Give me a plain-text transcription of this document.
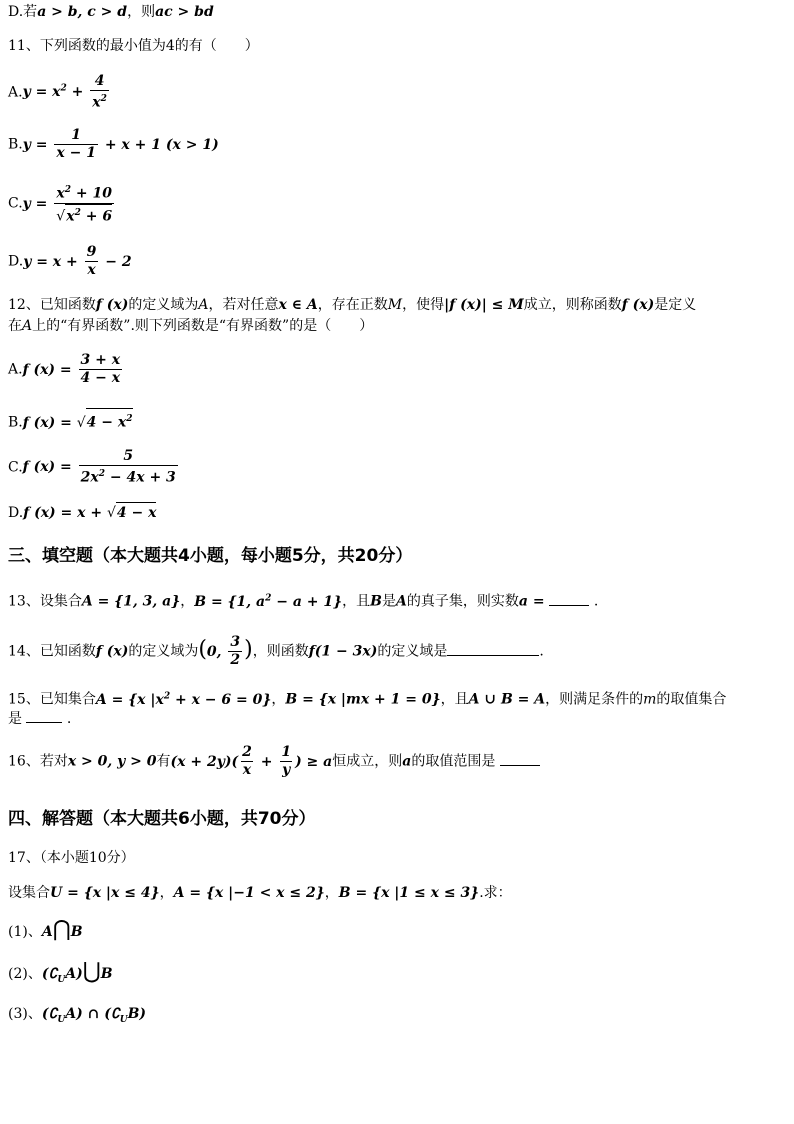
D.若a > b, c > d，则ac > bd
11、下列函数的最小值为4的有（　　）
$A.y = x^2 + \frac{4}{x^2}$
$B.y = \frac{1}{x - 1} + x + 1$ (x > 1)
$C.y = \frac{x^2 + 10}{√x^2 + 6}$
$D.y = x + \frac{9}{x} - 2$
12、已知函数f (x)的定义域为A，若对任意x ∈ A，存在正数M，使得|f (x)| ≤ M成立，则称函数f (x)是定义
在A上的“有界函数”.则下列函数是“有界函数”的是（　　）
A.f $(x) = \frac{3 + x}{4 - x}$
B.f $(x) = √4 - x^2$
C.f $(x) = \frac{5}{2x^2 - 4x + 3}$
D.f (x) = x + √4 − x
三、填空题（本大题共4小题，每小题5分，共20分）
13、设集合A = {1, 3, a}，B = {1, $a^2 - a + 1$}，且B是A的真子集，则实数a =	.
14、已知函数f (x)的定义域为(0, $\frac{3}{2}$ )，则函数f(1 − 3x)的定义域是	.
15、已知集合A = {x $|x^2 + x - 6 = 0$}，B = {x |mx + 1 = 0}，且A ∪ B = A，则满足条件的m的取值集合
是	.
16、若对x > 0, y > 0有$(x + 2y)( \frac{2}{x} + \frac{1}{y}$ ) ≥ a恒成立，则a的取值范围是
四、解答题（本大题共6小题，共70分）
17、（本小题10分）
设集合U = {x |x ≤ 4}，A = {x |−1 < x ≤ 2}，B = {x |1 ≤ x ≤ 3}.求：
(1)、A⋂B
(2)、$(∁_UA)⋃B$
(3)、$(∁_UA)$ ∩ $(∁_UB)$
